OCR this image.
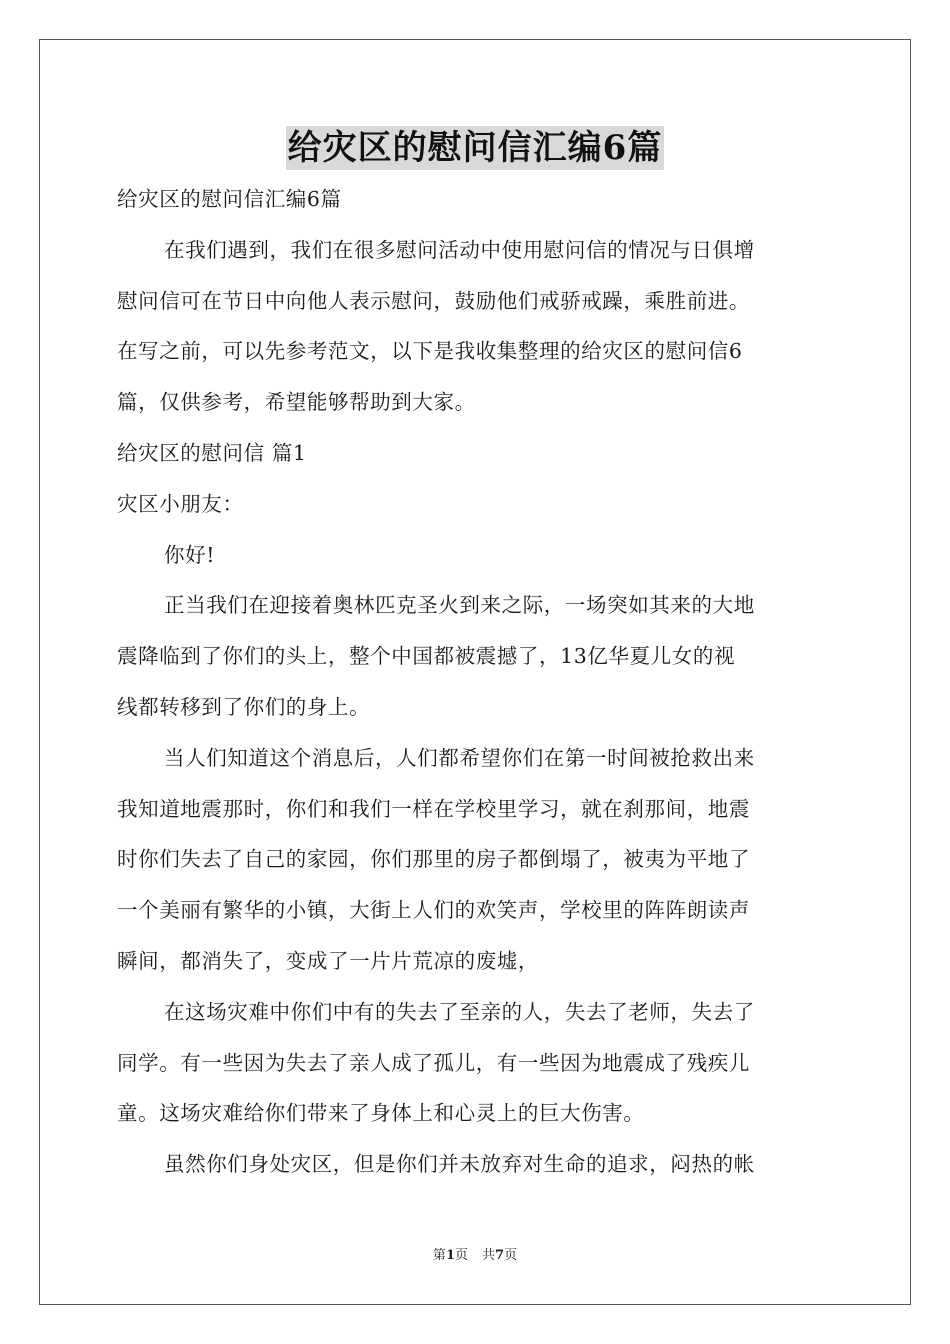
给灾区的慰问信汇编6篇
给灾区的慰问信汇编6篇
在我们遇到，我们在很多慰问活动中使用慰问信的情况与日俱增
慰问信可在节日中向他人表示慰问，鼓励他们戒骄戒躁，乘胜前进。
在写之前，可以先参考范文，以下是我收集整理的给灾区的慰问信6
篇，仅供参考，希望能够帮助到大家。
给灾区的慰问信 篇1
灾区小朋友：
你好!
正当我们在迎接着奥林匹克圣火到来之际，一场突如其来的大地
震降临到了你们的头上，整个中国都被震撼了，13亿华夏儿女的视
线都转移到了你们的身上。
当人们知道这个消息后，人们都希望你们在第一时间被抢救出来
我知道地震那时，你们和我们一样在学校里学习，就在刹那间，地震
时你们失去了自己的家园，你们那里的房子都倒塌了，被夷为平地了
一个美丽有繁华的小镇，大街上人们的欢笑声，学校里的阵阵朗读声
瞬间，都消失了，变成了一片片荒凉的废墟，
在这场灾难中你们中有的失去了至亲的人，失去了老师，失去了
同学。有一些因为失去了亲人成了孤儿，有一些因为地震成了残疾儿
童。这场灾难给你们带来了身体上和心灵上的巨大伤害。
虽然你们身处灾区，但是你们并未放弃对生命的追求，闷热的帐
第1页 共7页
